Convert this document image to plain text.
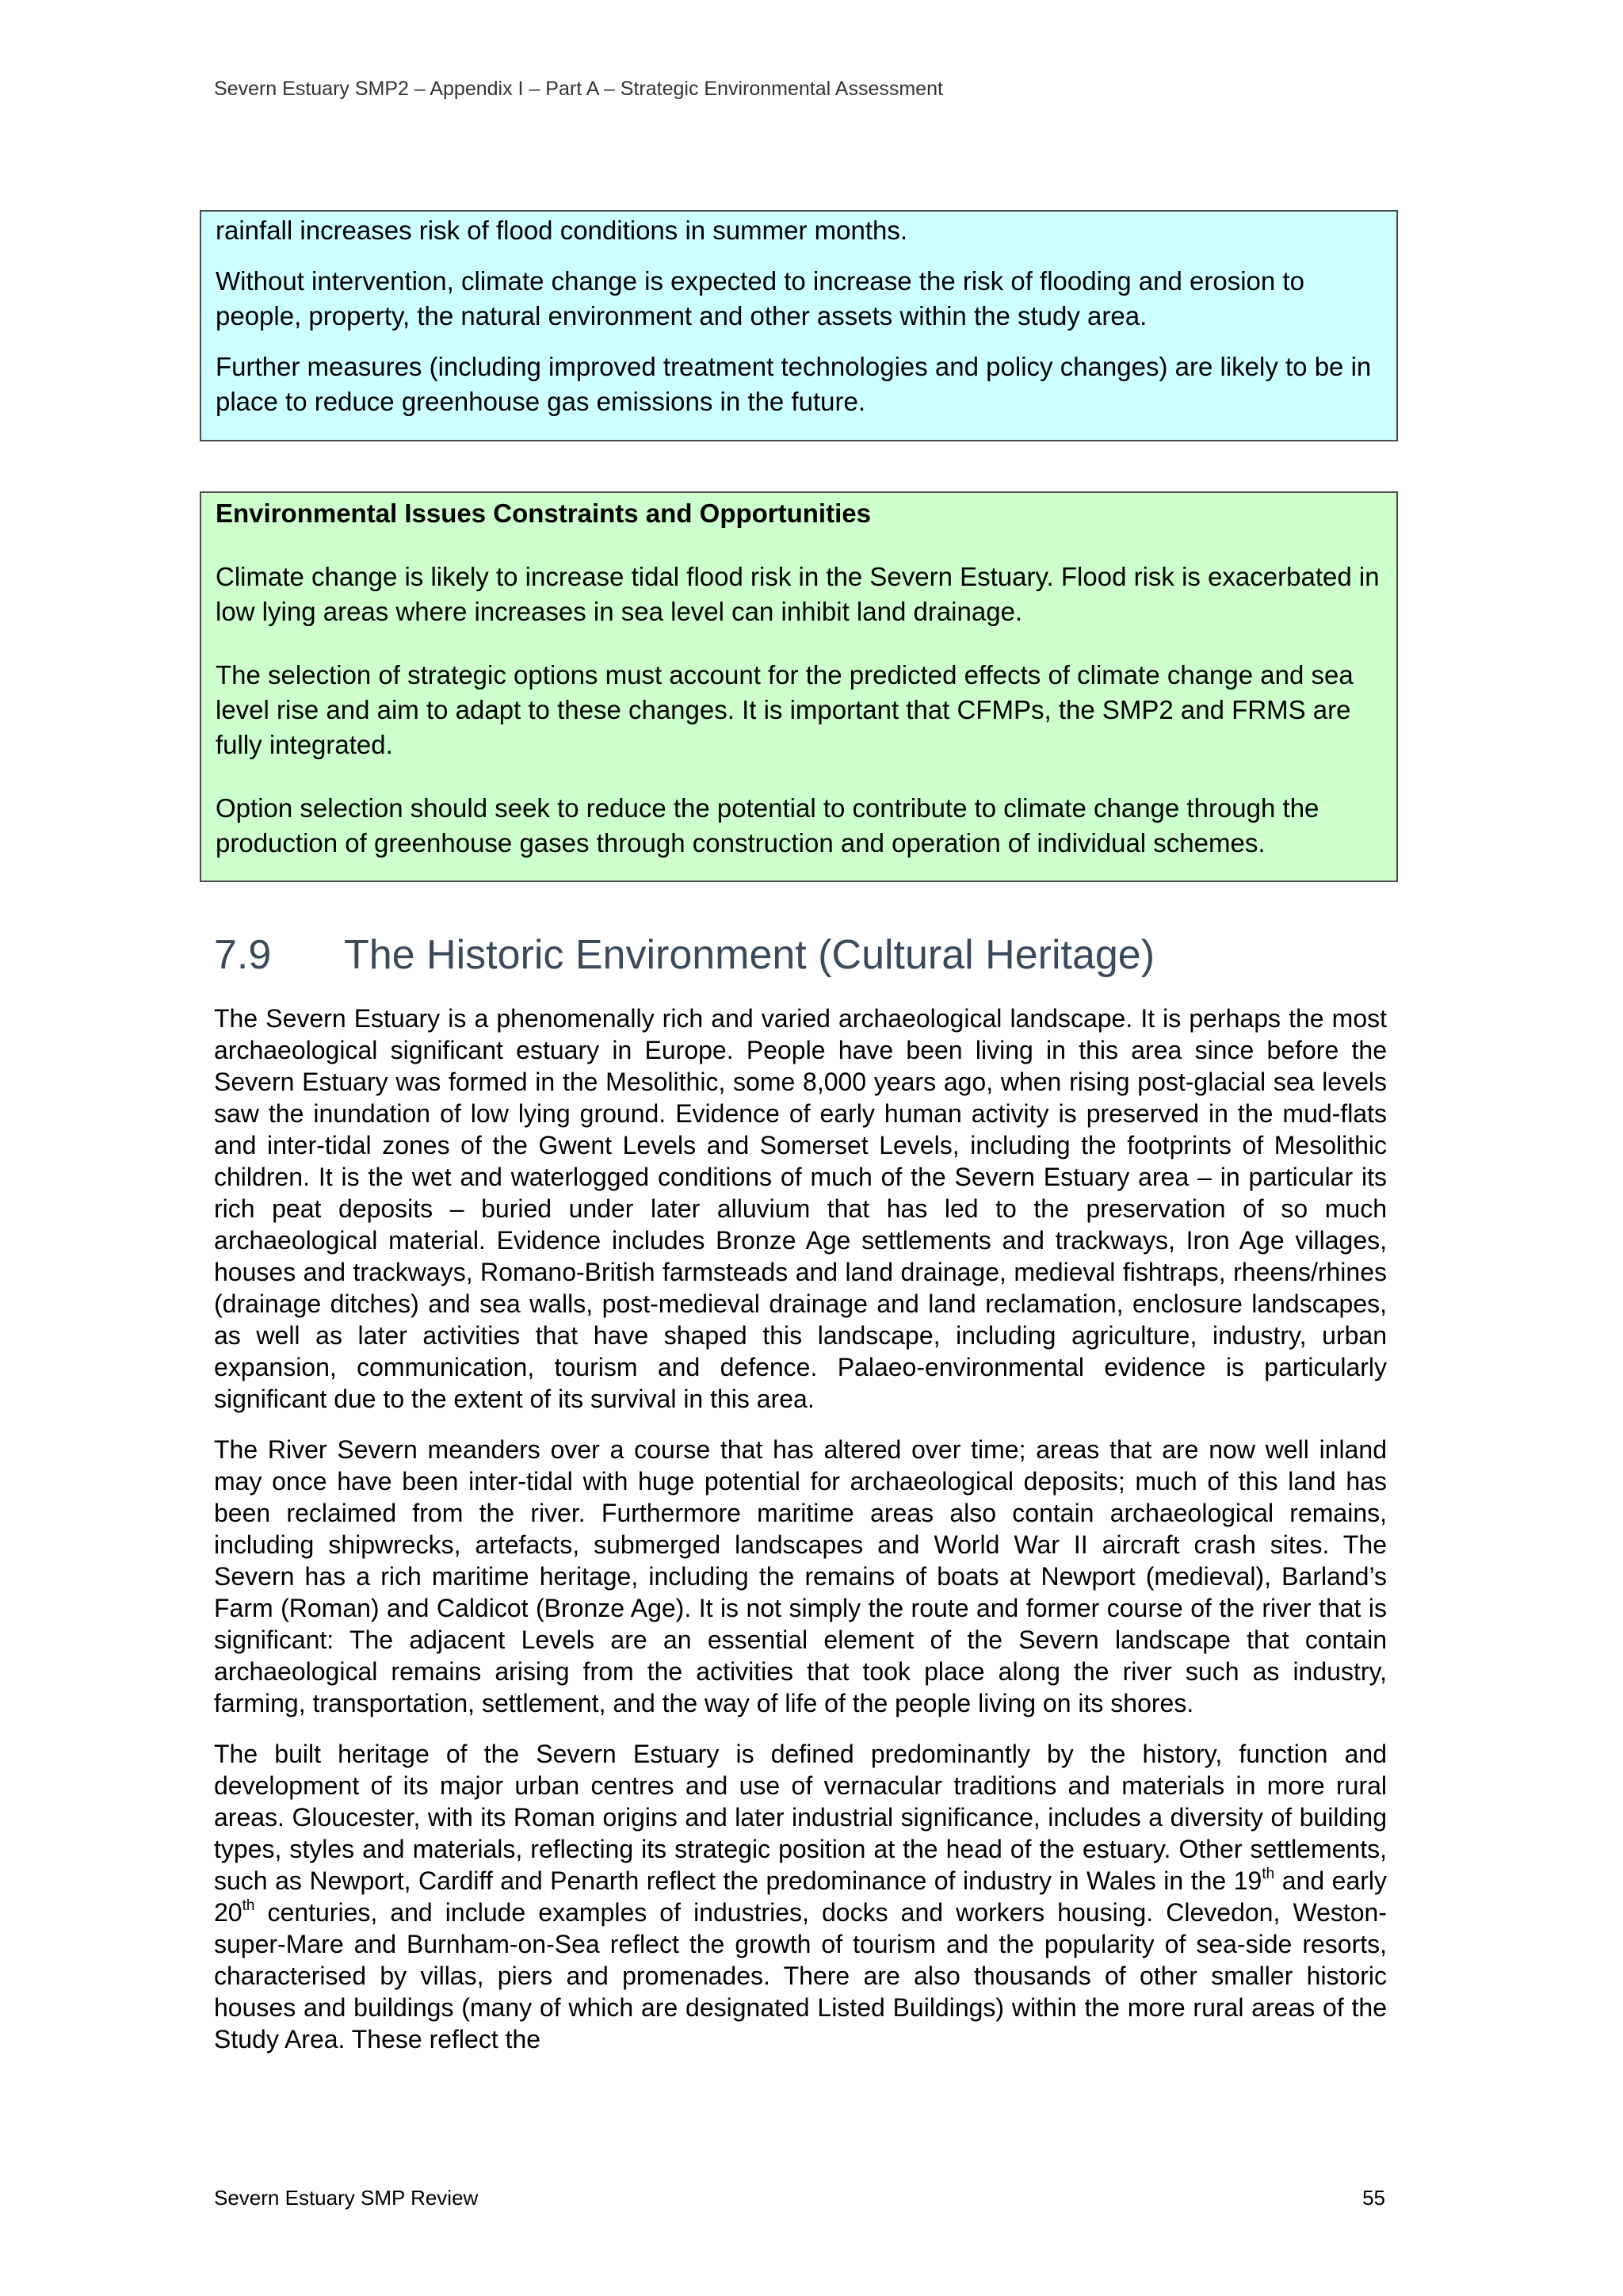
Severn Estuary SMP2 – Appendix I – Part A – Strategic Environmental Assessment

rainfall increases risk of flood conditions in summer months.

Without intervention, climate change is expected to increase the risk of flooding and erosion to people, property, the natural environment and other assets within the study area.

Further measures (including improved treatment technologies and policy changes) are likely to be in place to reduce greenhouse gas emissions in the future.

Environmental Issues Constraints and Opportunities

Climate change is likely to increase tidal flood risk in the Severn Estuary. Flood risk is exacerbated in low lying areas where increases in sea level can inhibit land drainage.

The selection of strategic options must account for the predicted effects of climate change and sea level rise and aim to adapt to these changes. It is important that CFMPs, the SMP2 and FRMS are fully integrated.

Option selection should seek to reduce the potential to contribute to climate change through the production of greenhouse gases through construction and operation of individual schemes.

7.9 The Historic Environment (Cultural Heritage)

The Severn Estuary is a phenomenally rich and varied archaeological landscape. It is perhaps the most archaeological significant estuary in Europe. People have been living in this area since before the Severn Estuary was formed in the Mesolithic, some 8,000 years ago, when rising post-glacial sea levels saw the inundation of low lying ground. Evidence of early human activity is preserved in the mud-flats and inter-tidal zones of the Gwent Levels and Somerset Levels, including the footprints of Mesolithic children. It is the wet and waterlogged conditions of much of the Severn Estuary area – in particular its rich peat deposits – buried under later alluvium that has led to the preservation of so much archaeological material. Evidence includes Bronze Age settlements and trackways, Iron Age villages, houses and trackways, Romano-British farmsteads and land drainage, medieval fishtraps, rheens/rhines (drainage ditches) and sea walls, post-medieval drainage and land reclamation, enclosure landscapes, as well as later activities that have shaped this landscape, including agriculture, industry, urban expansion, communication, tourism and defence. Palaeo-environmental evidence is particularly significant due to the extent of its survival in this area.

The River Severn meanders over a course that has altered over time; areas that are now well inland may once have been inter-tidal with huge potential for archaeological deposits; much of this land has been reclaimed from the river. Furthermore maritime areas also contain archaeological remains, including shipwrecks, artefacts, submerged landscapes and World War II aircraft crash sites. The Severn has a rich maritime heritage, including the remains of boats at Newport (medieval), Barland’s Farm (Roman) and Caldicot (Bronze Age). It is not simply the route and former course of the river that is significant: The adjacent Levels are an essential element of the Severn landscape that contain archaeological remains arising from the activities that took place along the river such as industry, farming, transportation, settlement, and the way of life of the people living on its shores.

The built heritage of the Severn Estuary is defined predominantly by the history, function and development of its major urban centres and use of vernacular traditions and materials in more rural areas. Gloucester, with its Roman origins and later industrial significance, includes a diversity of building types, styles and materials, reflecting its strategic position at the head of the estuary. Other settlements, such as Newport, Cardiff and Penarth reflect the predominance of industry in Wales in the 19th and early 20th centuries, and include examples of industries, docks and workers housing. Clevedon, Weston-super-Mare and Burnham-on-Sea reflect the growth of tourism and the popularity of sea-side resorts, characterised by villas, piers and promenades. There are also thousands of other smaller historic houses and buildings (many of which are designated Listed Buildings) within the more rural areas of the Study Area. These reflect the

Severn Estuary SMP Review	55
